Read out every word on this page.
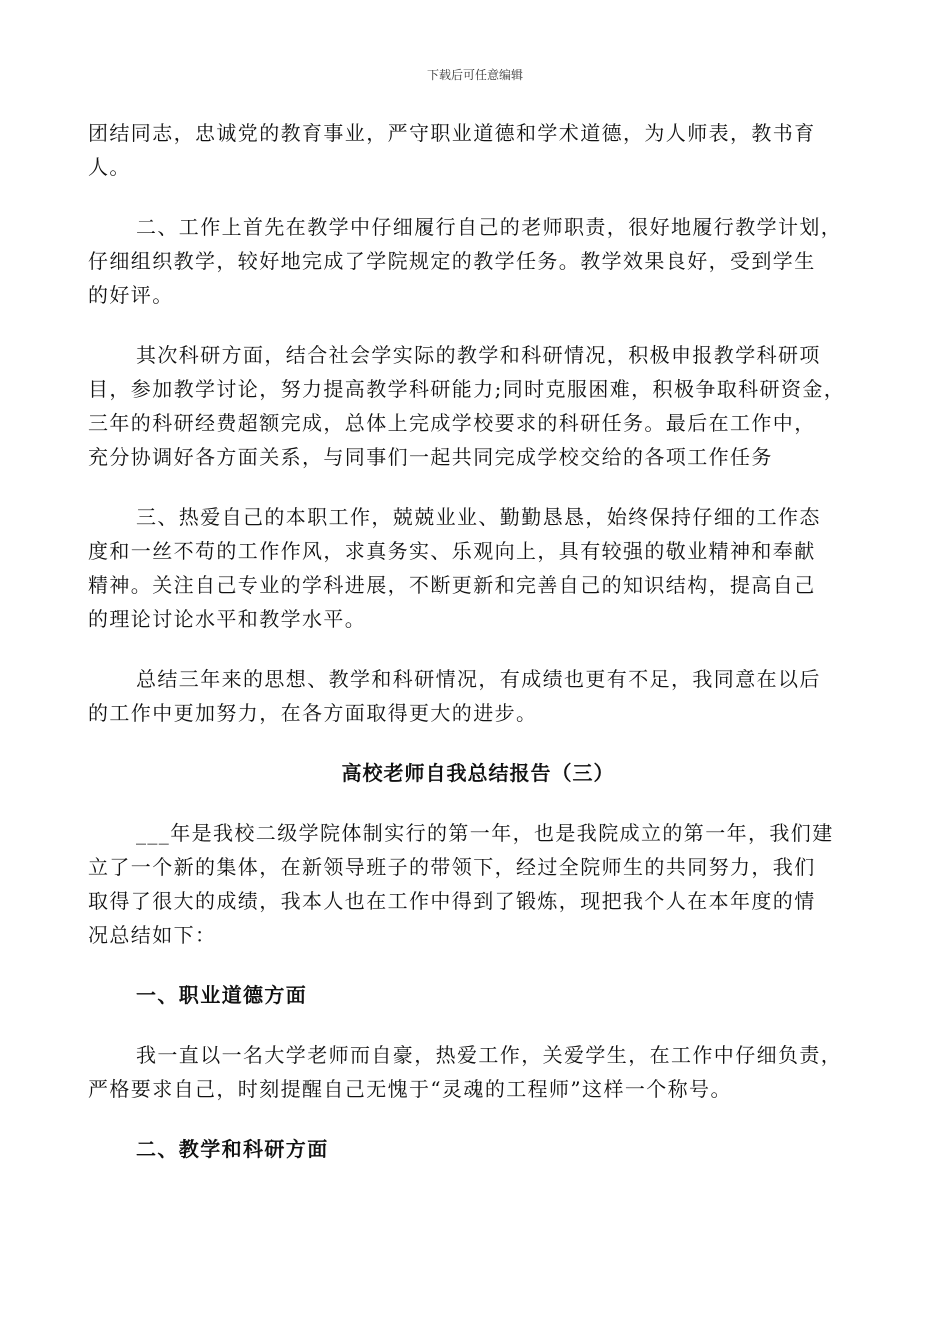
下载后可任意编辑
团结同志，忠诚党的教育事业，严守职业道德和学术道德，为人师表，教书育
人。
二、工作上首先在教学中仔细履行自己的老师职责，很好地履行教学计划，
仔细组织教学，较好地完成了学院规定的教学任务。教学效果良好，受到学生
的好评。
其次科研方面，结合社会学实际的教学和科研情况，积极申报教学科研项
目，参加教学讨论，努力提高教学科研能力;同时克服困难，积极争取科研资金，
三年的科研经费超额完成，总体上完成学校要求的科研任务。最后在工作中，
充分协调好各方面关系，与同事们一起共同完成学校交给的各项工作任务
三、热爱自己的本职工作，兢兢业业、勤勤恳恳，始终保持仔细的工作态
度和一丝不苟的工作作风，求真务实、乐观向上，具有较强的敬业精神和奉献
精神。关注自己专业的学科进展，不断更新和完善自己的知识结构，提高自己
的理论讨论水平和教学水平。
总结三年来的思想、教学和科研情况，有成绩也更有不足，我同意在以后
的工作中更加努力，在各方面取得更大的进步。
高校老师自我总结报告（三）
___年是我校二级学院体制实行的第一年，也是我院成立的第一年，我们建
立了一个新的集体，在新领导班子的带领下，经过全院师生的共同努力，我们
取得了很大的成绩，我本人也在工作中得到了锻炼，现把我个人在本年度的情
况总结如下：
一、职业道德方面
我一直以一名大学老师而自豪，热爱工作，关爱学生，在工作中仔细负责，
严格要求自己，时刻提醒自己无愧于“灵魂的工程师”这样一个称号。
二、教学和科研方面
